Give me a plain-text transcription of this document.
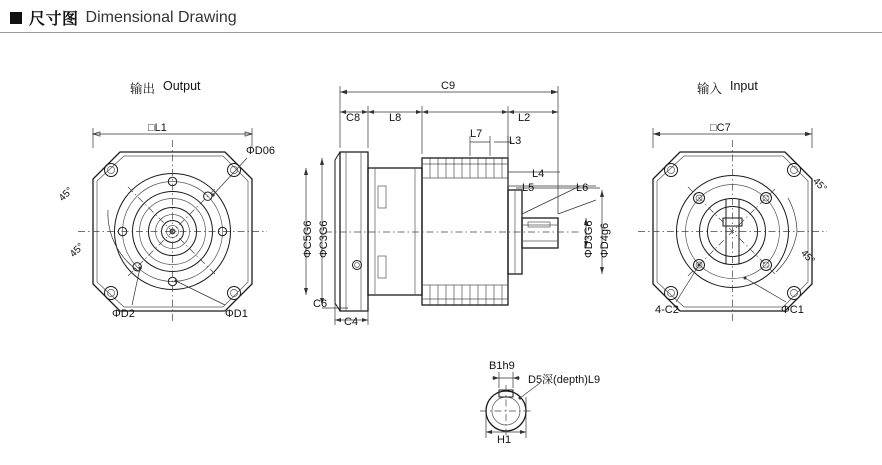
尺寸图 Dimensional Drawing
输出 Output	输入 Input
□L1
ΦD06
45°
45°
ΦD2	ΦD1
C9
C8	L8	L2
L7
L3
L4
L5	L6
ΦC5G6 ΦC3G6	ΦD3G6 ΦD4g6
C6
C4
□C7
45°
45°
4-C2	ΦC1
B1h9
D5深(depth)L9
H1
